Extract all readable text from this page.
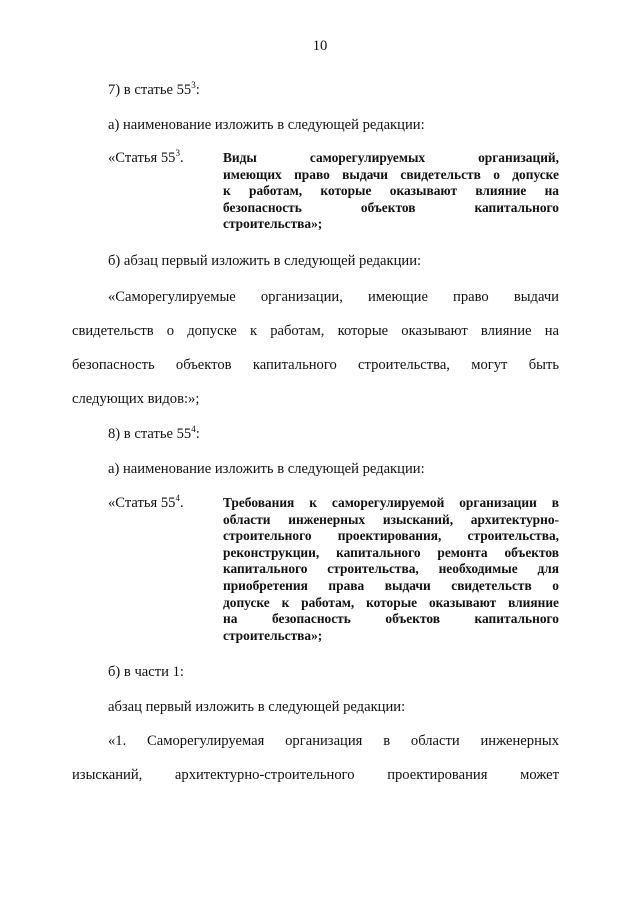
10
7) в статье $55^3$:
а) наименование изложить в следующей редакции:
«Статья $55^3$.	Виды саморегулируемых организаций,
имеющих право выдачи свидетельств о допуске
к работам, которые оказывают влияние на
безопасность объектов капитального
строительства»;
б) абзац первый изложить в следующей редакции:
«Саморегулируемые организации, имеющие право выдачи
свидетельств о допуске к работам, которые оказывают влияние на
безопасность объектов капитального строительства, могут быть
следующих видов:»;
8) в статье $55^4$:
а) наименование изложить в следующей редакции:
«Статья $55^4$.	Требования к саморегулируемой организации в
области инженерных изысканий, архитектурно-
строительного проектирования, строительства,
реконструкции, капитального ремонта объектов
капитального строительства, необходимые для
приобретения права выдачи свидетельств о
допуске к работам, которые оказывают влияние
на безопасность объектов капитального
строительства»;
б) в части 1:
абзац первый изложить в следующей редакции:
«1. Саморегулируемая организация в области инженерных
изысканий, архитектурно-строительного проектирования может
